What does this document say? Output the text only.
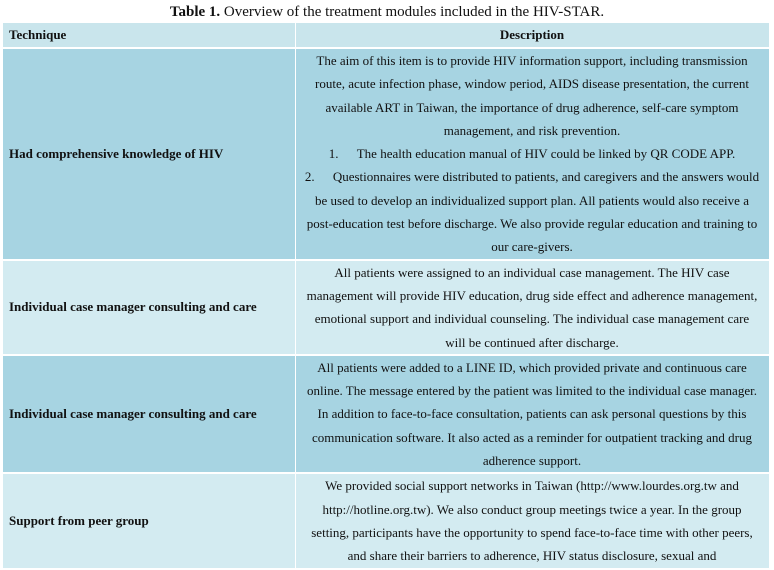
Table 1. Overview of the treatment modules included in the HIV-STAR.
Technique	Description
Had comprehensive knowledge of HIV	The aim of this item is to provide HIV information support, including transmission route, acute infection phase, window period, AIDS disease presentation, the current available ART in Taiwan, the importance of drug adherence, self-care symptom management, and risk prevention.
1. The health education manual of HIV could be linked by QR CODE APP.
2. Questionnaires were distributed to patients, and caregivers and the answers would be used to develop an individualized support plan. All patients would also receive a post-education test before discharge. We also provide regular education and training to our care-givers.

Individual case manager consulting and care	All patients were assigned to an individual case management. The HIV case management will provide HIV education, drug side effect and adherence management, emotional support and individual counseling. The individual case management care will be continued after discharge.
Individual case manager consulting and care	All patients were added to a LINE ID, which provided private and continuous care online. The message entered by the patient was limited to the individual case manager. In addition to face-to-face consultation, patients can ask personal questions by this communication software. It also acted as a reminder for outpatient tracking and drug adherence support.
Support from peer group	We provided social support networks in Taiwan (http://www.lourdes.org.tw and http://hotline.org.tw). We also conduct group meetings twice a year. In the group setting, participants have the opportunity to spend face-to-face time with other peers, and share their barriers to adherence, HIV status disclosure, sexual and
